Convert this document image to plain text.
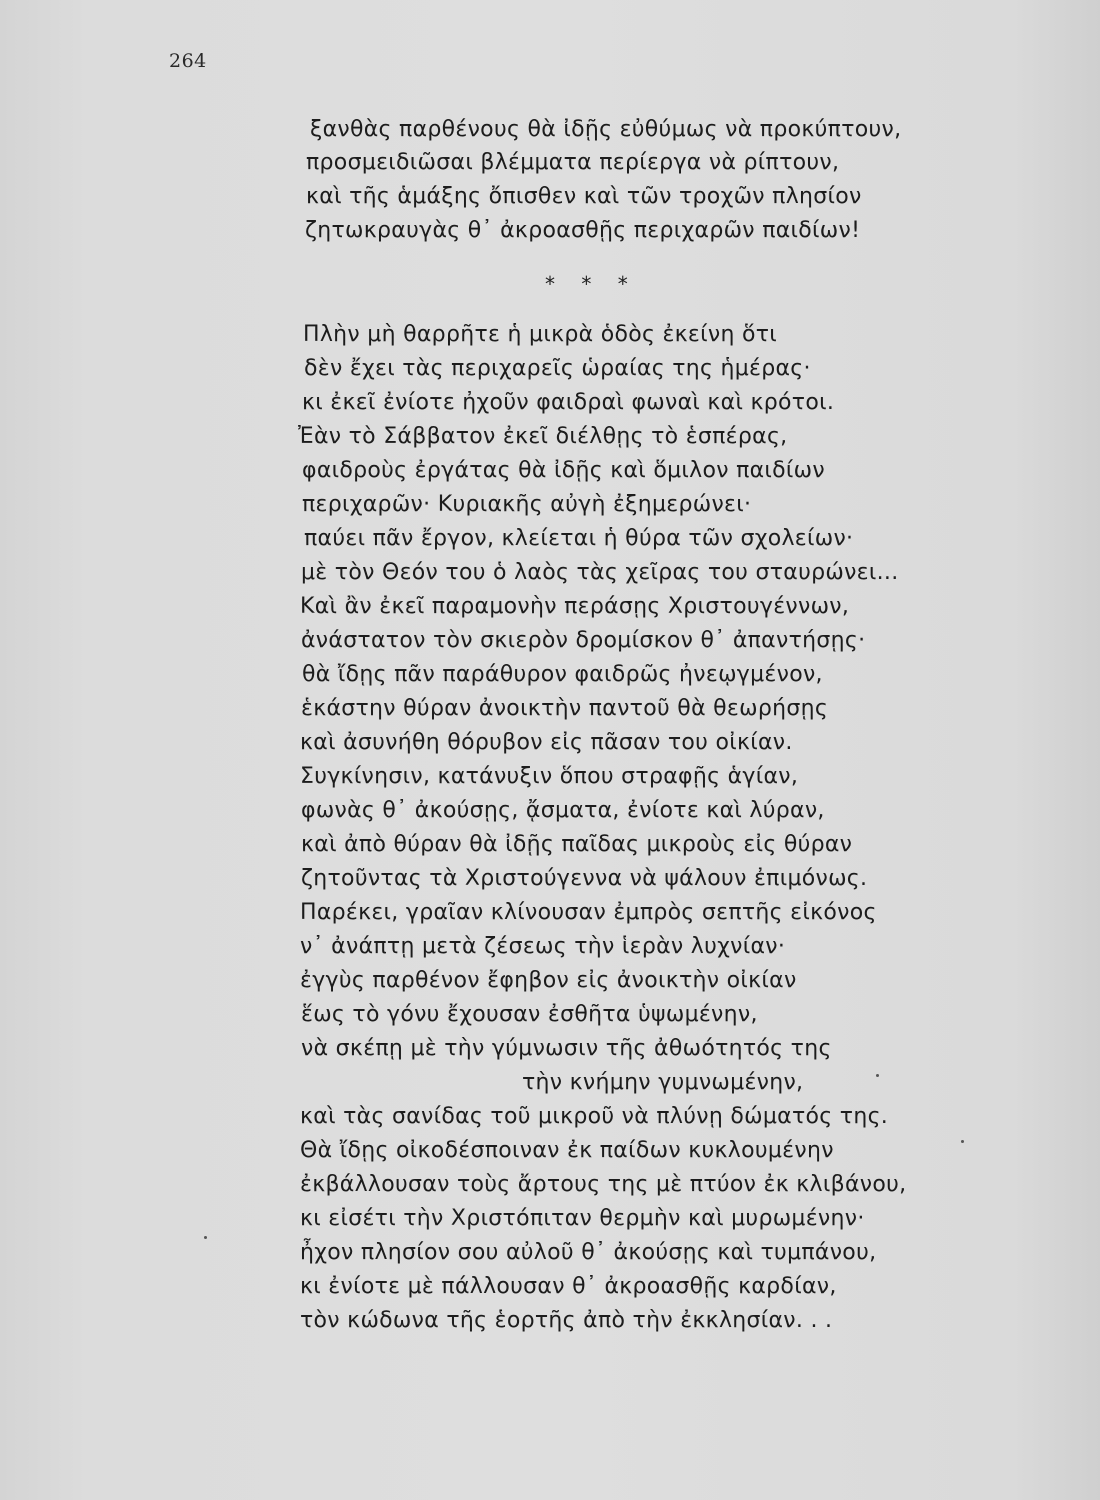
264
ξανθὰς παρθένους θὰ ἰδῇς εὐθύμως νὰ προκύπτουν,
προσμειδιῶσαι βλέμματα περίεργα νὰ ρίπτουν,
καὶ τῆς ἁμάξης ὄπισθεν καὶ τῶν τροχῶν πλησίον
ζητωκραυγὰς θ᾽ ἀκροασθῇς περιχαρῶν παιδίων!
* * *
Πλὴν μὴ θαρρῆτε ἡ μικρὰ ὁδὸς ἐκείνη ὅτι
δὲν ἔχει τὰς περιχαρεῖς ὡραίας της ἡμέρας·
κι ἐκεῖ ἐνίοτε ἠχοῦν φαιδραὶ φωναὶ καὶ κρότοι.
Ἐὰν τὸ Σάββατον ἐκεῖ διέλθῃς τὸ ἑσπέρας,
φαιδροὺς ἐργάτας θὰ ἰδῇς καὶ ὅμιλον παιδίων
περιχαρῶν· Κυριακῆς αὐγὴ ἐξημερώνει·
παύει πᾶν ἔργον, κλείεται ἡ θύρα τῶν σχολείων·
μὲ τὸν Θεόν του ὁ λαὸς τὰς χεῖρας του σταυρώνει...
Καὶ ἂν ἐκεῖ παραμονὴν περάσῃς Χριστουγέννων,
ἀνάστατον τὸν σκιερὸν δρομίσκον θ᾽ ἀπαντήσῃς·
θὰ ἴδῃς πᾶν παράθυρον φαιδρῶς ἠνεῳγμένον,
ἑκάστην θύραν ἀνοικτὴν παντοῦ θὰ θεωρήσῃς
καὶ ἀσυνήθη θόρυβον εἰς πᾶσαν του οἰκίαν.
Συγκίνησιν, κατάνυξιν ὅπου στραφῇς ἁγίαν,
φωνὰς θ᾽ ἀκούσῃς, ᾄσματα, ἐνίοτε καὶ λύραν,
καὶ ἀπὸ θύραν θὰ ἰδῇς παῖδας μικροὺς εἰς θύραν
ζητοῦντας τὰ Χριστούγεννα νὰ ψάλουν ἐπιμόνως.
Παρέκει, γραῖαν κλίνουσαν ἐμπρὸς σεπτῆς εἰκόνος
ν᾽ ἀνάπτῃ μετὰ ζέσεως τὴν ἱερὰν λυχνίαν·
ἐγγὺς παρθένον ἔφηβον εἰς ἀνοικτὴν οἰκίαν
ἕως τὸ γόνυ ἔχουσαν ἐσθῆτα ὑψωμένην,
νὰ σκέπῃ μὲ τὴν γύμνωσιν τῆς ἀθωότητός της
τὴν κνήμην γυμνωμένην,
καὶ τὰς σανίδας τοῦ μικροῦ νὰ πλύνῃ δώματός της.
Θὰ ἴδῃς οἰκοδέσποιναν ἐκ παίδων κυκλουμένην
ἐκβάλλουσαν τοὺς ἄρτους της μὲ πτύον ἐκ κλιβάνου,
κι εἰσέτι τὴν Χριστόπιταν θερμὴν καὶ μυρωμένην·
ἦχον πλησίον σου αὐλοῦ θ᾽ ἀκούσῃς καὶ τυμπάνου,
κι ἐνίοτε μὲ πάλλουσαν θ᾽ ἀκροασθῇς καρδίαν,
τὸν κώδωνα τῆς ἑορτῆς ἀπὸ τὴν ἐκκλησίαν. . .
